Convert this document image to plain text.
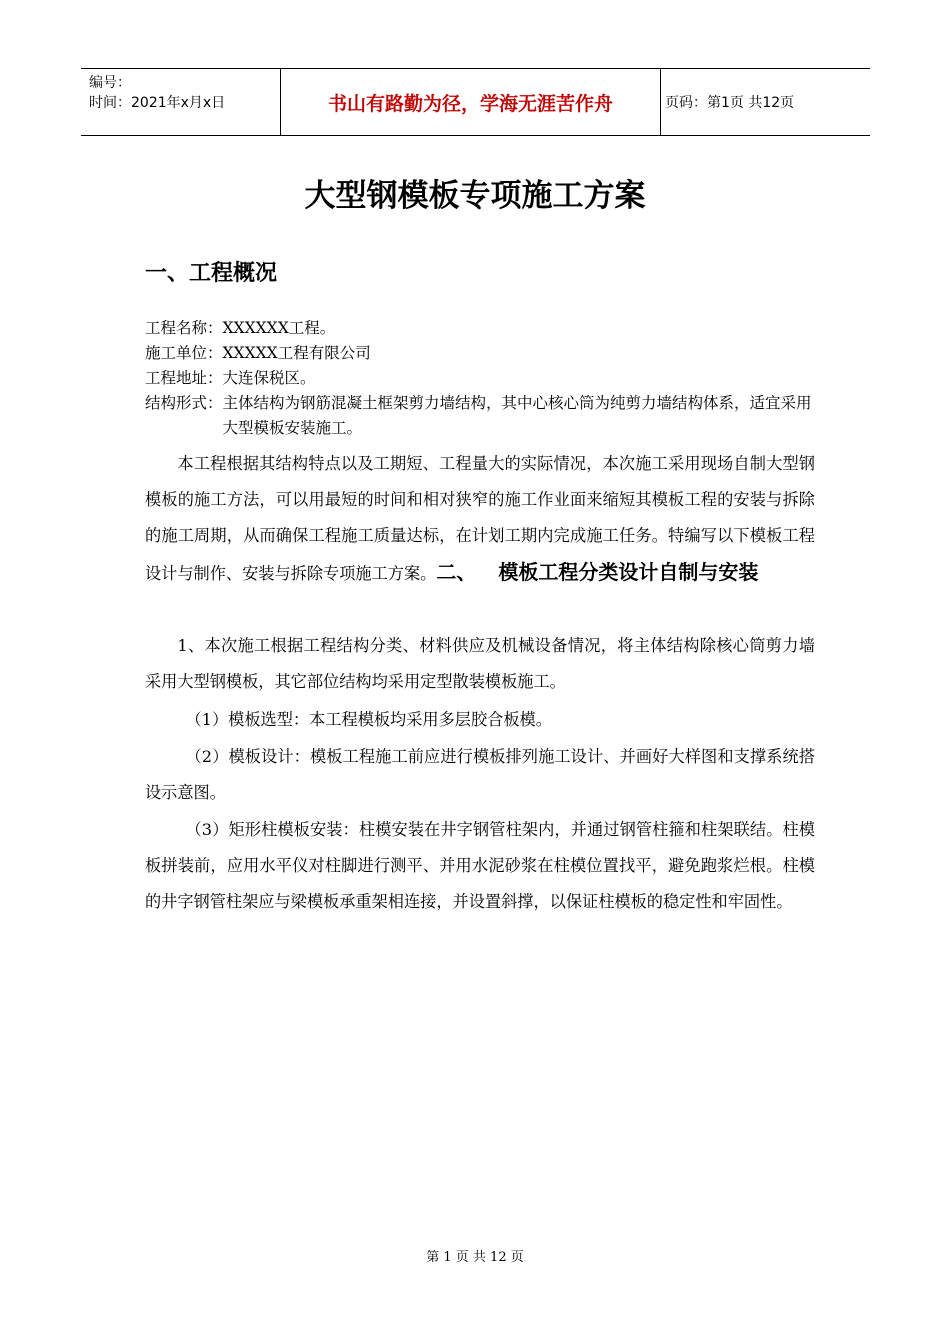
编号：
时间：2021年x月x日	书山有路勤为径，学海无涯苦作舟	页码：第1页 共12页
大型钢模板专项施工方案
一、工程概况
工程名称： XXXXXX工程。
施工单位： XXXXX工程有限公司
工程地址： 大连保税区。
结构形式： 主体结构为钢筋混凝土框架剪力墙结构，其中心核心筒为纯剪力墙结构体系，适宜采用大型模板安装施工。
本工程根据其结构特点以及工期短、工程量大的实际情况，本次施工采用现场自制大型钢模板的施工方法，可以用最短的时间和相对狭窄的施工作业面来缩短其模板工程的安装与拆除的施工周期，从而确保工程施工质量达标，在计划工期内完成施工任务。特编写以下模板工程设计与制作、安装与拆除专项施工方案。二、 模板工程分类设计自制与安装
1、本次施工根据工程结构分类、材料供应及机械设备情况，将主体结构除核心筒剪力墙采用大型钢模板，其它部位结构均采用定型散装模板施工。
（1）模板选型：本工程模板均采用多层胶合板模。
（2）模板设计：模板工程施工前应进行模板排列施工设计、并画好大样图和支撑系统搭设示意图。
（3）矩形柱模板安装：柱模安装在井字钢管柱架内，并通过钢管柱箍和柱架联结。柱模板拼装前，应用水平仪对柱脚进行测平、并用水泥砂浆在柱模位置找平，避免跑浆烂根。柱模的井字钢管柱架应与梁模板承重架相连接，并设置斜撑，以保证柱模板的稳定性和牢固性。
第 1 页 共 12 页
